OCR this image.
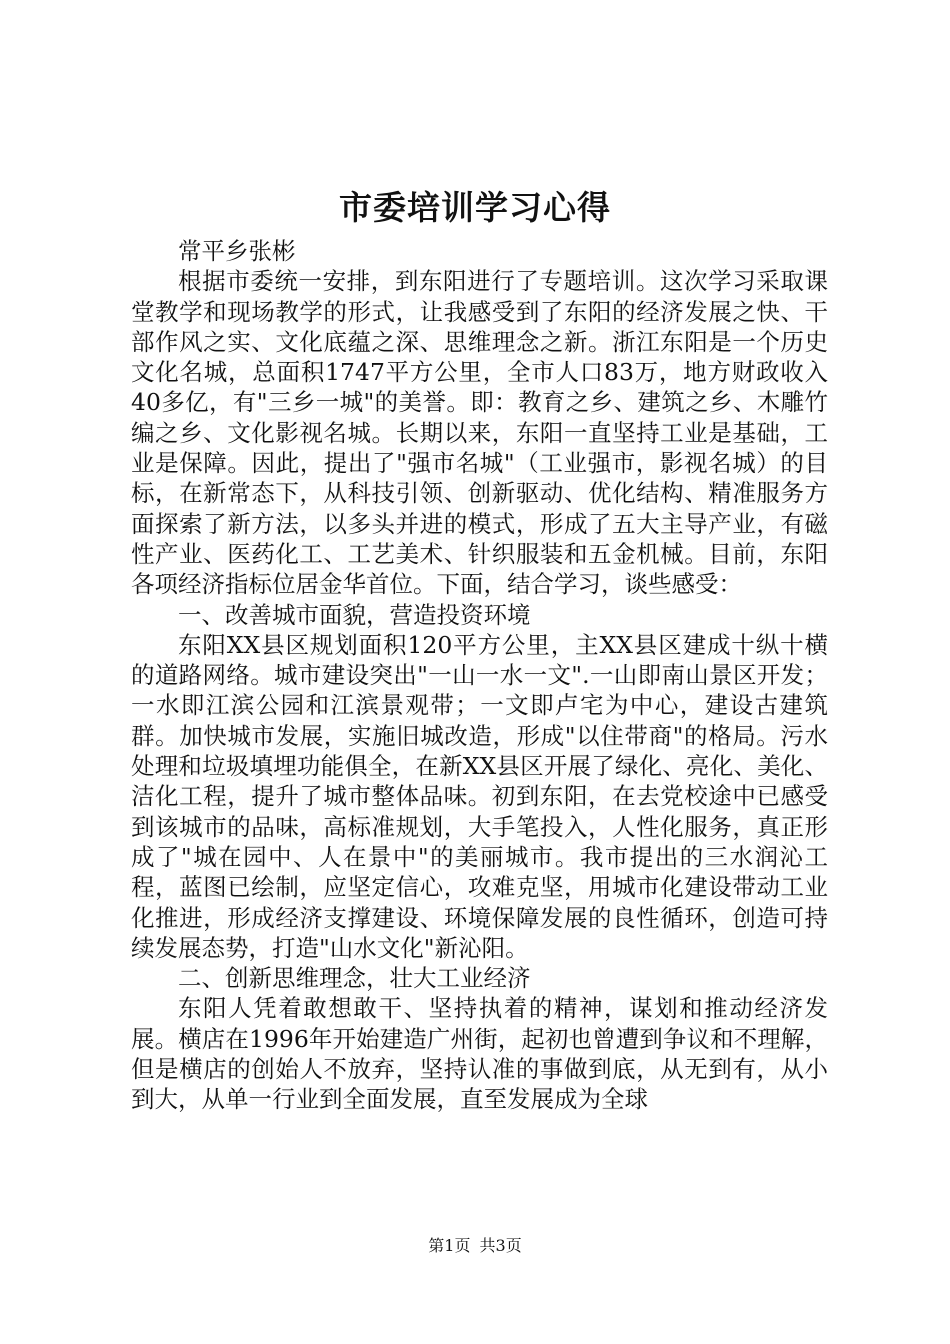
市委培训学习心得

常平乡张彬

根据市委统一安排，到东阳进行了专题培训。这次学习采取课堂教学和现场教学的形式，让我感受到了东阳的经济发展之快、干部作风之实、文化底蕴之深、思维理念之新。浙江东阳是一个历史文化名城，总面积1747平方公里，全市人口83万，地方财政收入40多亿，有"三乡一城"的美誉。即：教育之乡、建筑之乡、木雕竹编之乡、文化影视名城。长期以来，东阳一直坚持工业是基础，工业是保障。因此，提出了"强市名城"（工业强市，影视名城）的目标，在新常态下，从科技引领、创新驱动、优化结构、精准服务方面探索了新方法，以多头并进的模式，形成了五大主导产业，有磁性产业、医药化工、工艺美术、针织服装和五金机械。目前，东阳各项经济指标位居金华首位。下面，结合学习，谈些感受：

一、改善城市面貌，营造投资环境

东阳XX县区规划面积120平方公里，主XX县区建成十纵十横的道路网络。城市建设突出"一山一水一文".一山即南山景区开发；一水即江滨公园和江滨景观带；一文即卢宅为中心，建设古建筑群。加快城市发展，实施旧城改造，形成"以住带商"的格局。污水处理和垃圾填埋功能俱全，在新XX县区开展了绿化、亮化、美化、洁化工程，提升了城市整体品味。初到东阳，在去党校途中已感受到该城市的品味，高标准规划，大手笔投入，人性化服务，真正形成了"城在园中、人在景中"的美丽城市。我市提出的三水润沁工程，蓝图已绘制，应坚定信心，攻难克坚，用城市化建设带动工业化推进，形成经济支撑建设、环境保障发展的良性循环，创造可持续发展态势，打造"山水文化"新沁阳。

二、创新思维理念，壮大工业经济

东阳人凭着敢想敢干、坚持执着的精神，谋划和推动经济发展。横店在1996年开始建造广州街，起初也曾遭到争议和不理解，但是横店的创始人不放弃，坚持认准的事做到底，从无到有，从小到大，从单一行业到全面发展，直至发展成为全球

第1页 共3页
